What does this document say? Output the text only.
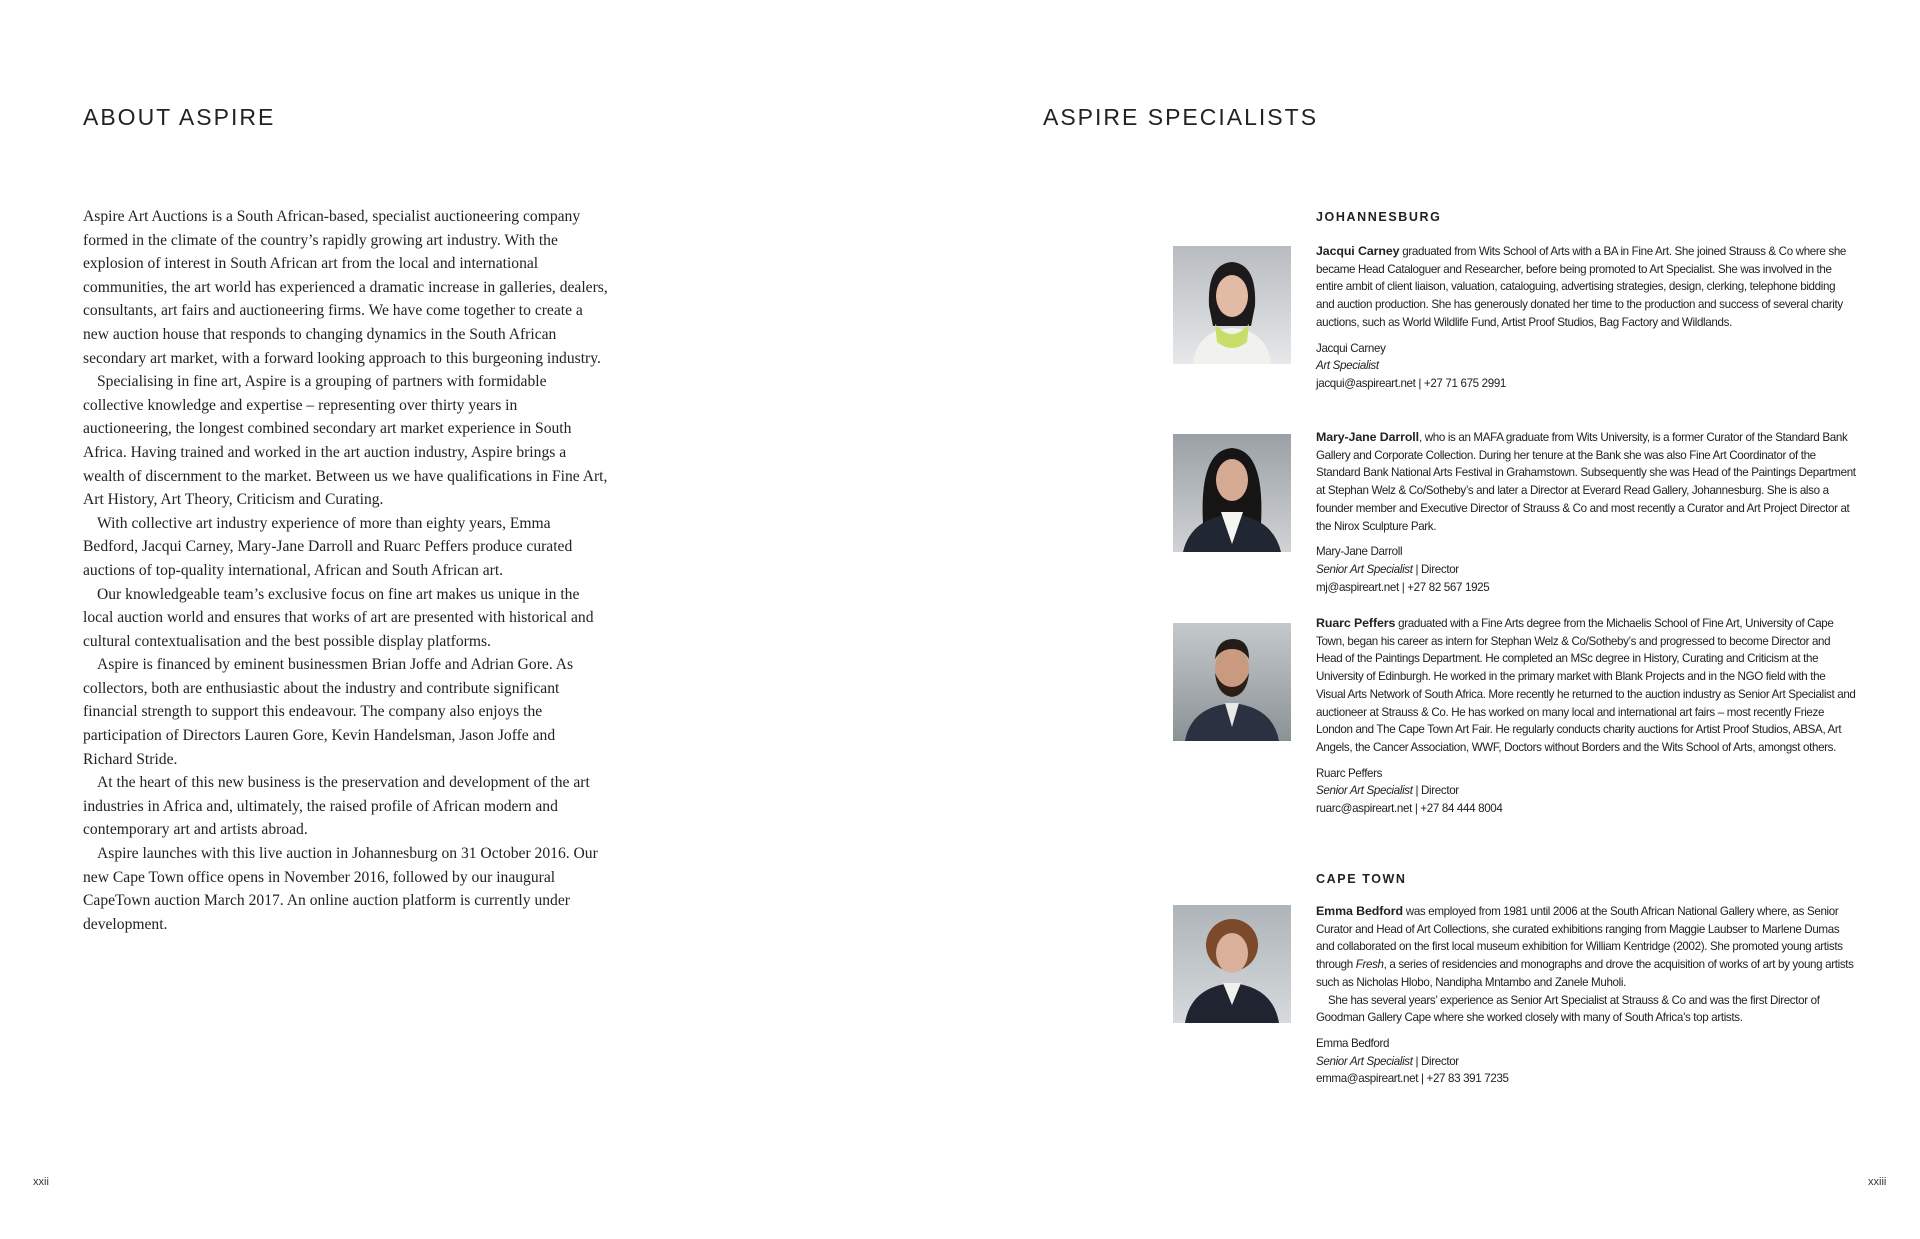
ABOUT ASPIRE

Aspire Art Auctions is a South African-based, specialist auctioneering company formed in the climate of the country’s rapidly growing art industry. With the explosion of interest in South African art from the local and international communities, the art world has experienced a dramatic increase in galleries, dealers, consultants, art fairs and auctioneering firms. We have come together to create a new auction house that responds to changing dynamics in the South African secondary art market, with a forward looking approach to this burgeoning industry.

Specialising in fine art, Aspire is a grouping of partners with formidable collective knowledge and expertise – representing over thirty years in auctioneering, the longest combined secondary art market experience in South Africa. Having trained and worked in the art auction industry, Aspire brings a wealth of discernment to the market. Between us we have qualifications in Fine Art, Art History, Art Theory, Criticism and Curating.

With collective art industry experience of more than eighty years, Emma Bedford, Jacqui Carney, Mary-Jane Darroll and Ruarc Peffers produce curated auctions of top-quality international, African and South African art.

Our knowledgeable team’s exclusive focus on fine art makes us unique in the local auction world and ensures that works of art are presented with historical and cultural contextualisation and the best possible display platforms.

Aspire is financed by eminent businessmen Brian Joffe and Adrian Gore. As collectors, both are enthusiastic about the industry and contribute significant financial strength to support this endeavour. The company also enjoys the participation of Directors Lauren Gore, Kevin Handelsman, Jason Joffe and Richard Stride.

At the heart of this new business is the preservation and development of the art industries in Africa and, ultimately, the raised profile of African modern and contemporary art and artists abroad.

Aspire launches with this live auction in Johannesburg on 31 October 2016. Our new Cape Town office opens in November 2016, followed by our inaugural CapeTown auction March 2017. An online auction platform is currently under development.

xxii
ASPIRE SPECIALISTS
JOHANNESBURG

Jacqui Carney graduated from Wits School of Arts with a BA in Fine Art. She joined Strauss & Co where she became Head Cataloguer and Researcher, before being promoted to Art Specialist. She was involved in the entire ambit of client liaison, valuation, cataloguing, advertising strategies, design, clerking, telephone bidding and auction production. She has generously donated her time to the production and success of several charity auctions, such as World Wildlife Fund, Artist Proof Studios, Bag Factory and Wildlands.

Jacqui Carney

Art Specialist

jacqui@aspireart.net | +27 71 675 2991

Mary-Jane Darroll, who is an MAFA graduate from Wits University, is a former Curator of the Standard Bank Gallery and Corporate Collection. During her tenure at the Bank she was also Fine Art Coordinator of the Standard Bank National Arts Festival in Grahamstown. Subsequently she was Head of the Paintings Department at Stephan Welz & Co/Sotheby’s and later a Director at Everard Read Gallery, Johannesburg. She is also a founder member and Executive Director of Strauss & Co and most recently a Curator and Art Project Director at the Nirox Sculpture Park.

Mary-Jane Darroll

Senior Art Specialist | Director

mj@aspireart.net | +27 82 567 1925

Ruarc Peffers graduated with a Fine Arts degree from the Michaelis School of Fine Art, University of Cape Town, began his career as intern for Stephan Welz & Co/Sotheby’s and progressed to become Director and Head of the Paintings Department. He completed an MSc degree in History, Curating and Criticism at the University of Edinburgh. He worked in the primary market with Blank Projects and in the NGO field with the Visual Arts Network of South Africa. More recently he returned to the auction industry as Senior Art Specialist and auctioneer at Strauss & Co. He has worked on many local and international art fairs – most recently Frieze London and The Cape Town Art Fair. He regularly conducts charity auctions for Artist Proof Studios, ABSA, Art Angels, the Cancer Association, WWF, Doctors without Borders and the Wits School of Arts, amongst others.

Ruarc Peffers

Senior Art Specialist | Director

ruarc@aspireart.net | +27 84 444 8004

CAPE TOWN

Emma Bedford was employed from 1981 until 2006 at the South African National Gallery where, as Senior Curator and Head of Art Collections, she curated exhibitions ranging from Maggie Laubser to Marlene Dumas and collaborated on the first local museum exhibition for William Kentridge (2002). She promoted young artists through Fresh, a series of residencies and monographs and drove the acquisition of works of art by young artists such as Nicholas Hlobo, Nandipha Mntambo and Zanele Muholi.

She has several years’ experience as Senior Art Specialist at Strauss & Co and was the first Director of Goodman Gallery Cape where she worked closely with many of South Africa’s top artists.

Emma Bedford

Senior Art Specialist | Director

emma@aspireart.net | +27 83 391 7235

xxiii
